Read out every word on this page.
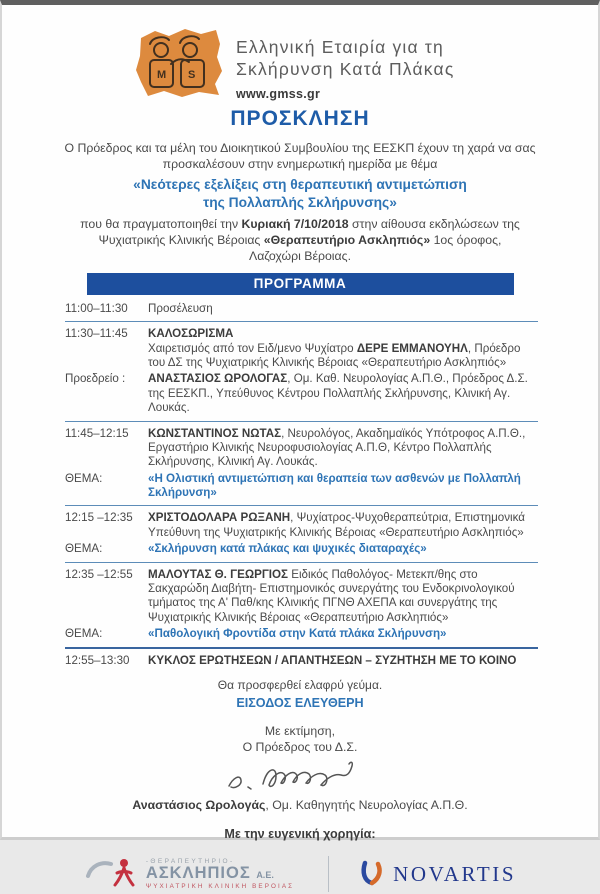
M S
Ελληνική Εταιρία για τη
Σκλήρυνση Κατά Πλάκας
www.gmss.gr
ΠΡΟΣΚΛΗΣΗ
Ο Πρόεδρος και τα μέλη του Διοικητικού Συμβουλίου της ΕΕΣΚΠ έχουν τη χαρά να σας
προσκαλέσουν στην ενημερωτική ημερίδα με θέμα
«Νεότερες εξελίξεις στη θεραπευτική αντιμετώπιση
της Πολλαπλής Σκλήρυνσης»
που θα πραγματοποιηθεί την Κυριακή 7/10/2018 στην αίθουσα εκδηλώσεων της
Ψυχιατρικής Κλινικής Βέροιας «Θεραπευτήριο Ασκληπιός» 1ος όροφος,
Λαζοχώρι Βέροιας.
ΠΡΟΓΡΑΜΜΑ
11:00–11:30	Προσέλευση
11:30–11:45	ΚΑΛΟΣΩΡΙΣΜΑ
Χαιρετισμός από τον Ειδ/μενο Ψυχίατρο ΔΕΡΕ ΕΜΜΑΝΟΥΗΛ, Πρόεδρο του ΔΣ της Ψυχιατρικής Κλινικής Βέροιας «Θεραπευτήριο Ασκληπιός»
Προεδρείο :	ΑΝΑΣΤΑΣΙΟΣ ΩΡΟΛΟΓΑΣ, Ομ. Καθ. Νευρολογίας Α.Π.Θ., Πρόεδρος Δ.Σ. της ΕΕΣΚΠ., Υπεύθυνος Κέντρου Πολλαπλής Σκλήρυνσης, Κλινική Αγ. Λουκάς.
11:45–12:15	ΚΩΝΣΤΑΝΤΙΝΟΣ ΝΩΤΑΣ, Νευρολόγος, Ακαδημαϊκός Υπότροφος Α.Π.Θ., Εργαστήριο Κλινικής Νευροφυσιολογίας Α.Π.Θ, Κέντρο Πολλαπλής Σκλήρυνσης, Κλινική Αγ. Λουκάς.
ΘΕΜΑ:	«Η Ολιστική αντιμετώπιση και θεραπεία των ασθενών με Πολλαπλή Σκλήρυνση»
12:15 –12:35	ΧΡΙΣΤΟΔΟΛΑΡΑ ΡΩΞΑΝΗ, Ψυχίατρος-Ψυχοθεραπεύτρια, Επιστημονικά Υπεύθυνη της Ψυχιατρικής Κλινικής Βέροιας «Θεραπευτήριο Ασκληπιός»
ΘΕΜΑ:	«Σκλήρυνση κατά πλάκας και ψυχικές διαταραχές»
12:35 –12:55	ΜΑΛΟΥΤΑΣ Θ. ΓΕΩΡΓΙΟΣ Ειδικός Παθολόγος- Μετεκπ/θης στο Σακχαρώδη Διαβήτη- Επιστημονικός συνεργάτης του Ενδοκρινολογικού τμήματος της Α' Παθ/κης Κλινικής ΠΓΝΘ ΑΧΕΠΑ και συνεργάτης της Ψυχιατρικής Κλινικής Βέροιας «Θεραπευτήριο Ασκληπιός»
ΘΕΜΑ:	«Παθολογική Φροντίδα στην Κατά πλάκα Σκλήρυνση»
12:55–13:30	ΚΥΚΛΟΣ ΕΡΩΤΗΣΕΩΝ / ΑΠΑΝΤΗΣΕΩΝ – ΣΥΖΗΤΗΣΗ ΜΕ ΤΟ ΚΟΙΝΟ
Θα προσφερθεί ελαφρύ γεύμα.
ΕΙΣΟΔΟΣ ΕΛΕΥΘΕΡΗ
Με εκτίμηση,
Ο Πρόεδρος του Δ.Σ.
Αναστάσιος Ωρολογάς, Ομ. Καθηγητής Νευρολογίας Α.Π.Θ.
Με την ευγενική χορηγία:
-ΘΕΡΑΠΕΥΤΗΡΙΟ-
ΑΣΚΛΗΠΙΟΣ Α.Ε.
ΨΥΧΙΑΤΡΙΚΗ ΚΛΙΝΙΚΗ ΒΕΡΟΙΑΣ
NOVARTIS
